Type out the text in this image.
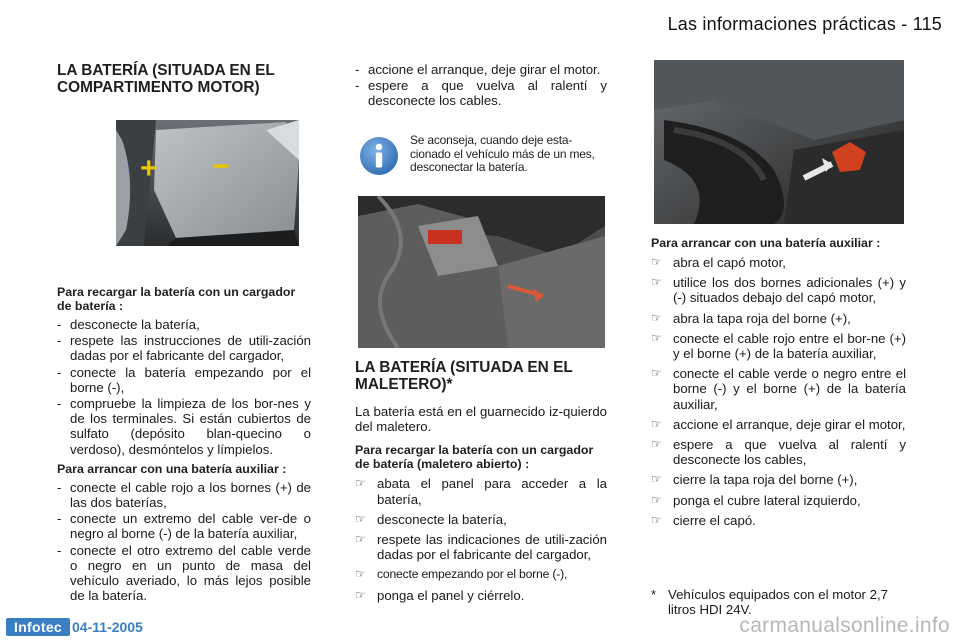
Las informaciones prácticas - 115
LA BATERÍA (SITUADA EN EL COMPARTIMENTO MOTOR)
+ −
Para recargar la batería con un cargador de batería :
- desconecte la batería,
- respete las instrucciones de utili-zación dadas por el fabricante del cargador,
- conecte la batería empezando por el borne (-),
- compruebe la limpieza de los bor-nes y de los terminales. Si están cubiertos de sulfato (depósito blan-quecino o verdoso), desmóntelos y límpielos.
Para arrancar con una batería auxiliar :
- conecte el cable rojo a los bornes (+) de las dos baterías,
- conecte un extremo del cable ver-de o negro al borne (-) de la batería auxiliar,
- conecte el otro extremo del cable verde o negro en un punto de masa del vehículo averiado, lo más lejos posible de la batería.
- accione el arranque, deje girar el motor.
- espere a que vuelva al ralentí y desconecte los cables.
Se aconseja, cuando deje esta-cionado el vehículo más de un mes, desconectar la batería.
LA BATERÍA (SITUADA EN EL MALETERO)*

La batería está en el guarnecido iz-quierdo del maletero.

Para recargar la batería con un cargador de batería (maletero abierto) :
☞ abata el panel para acceder a la batería,
☞ desconecte la batería,
☞ respete las indicaciones de utili-zación dadas por el fabricante del cargador,
☞ conecte empezando por el borne (-),
☞ ponga el panel y ciérrelo.
Para arrancar con una batería auxiliar :
☞ abra el capó motor,
☞ utilice los dos bornes adicionales (+) y (-) situados debajo del capó motor,
☞ abra la tapa roja del borne (+),
☞ conecte el cable rojo entre el bor-ne (+) y el borne (+) de la batería auxiliar,
☞ conecte el cable verde o negro entre el borne (-) y el borne (+) de la batería auxiliar,
☞ accione el arranque, deje girar el motor,
☞ espere a que vuelva al ralentí y desconecte los cables,
☞ cierre la tapa roja del borne (+),
☞ ponga el cubre lateral izquierdo,
☞ cierre el capó.
* Vehículos equipados con el motor 2,7 litros HDI 24V.
Infotec 04-11-2005	carmanualsonline.info
